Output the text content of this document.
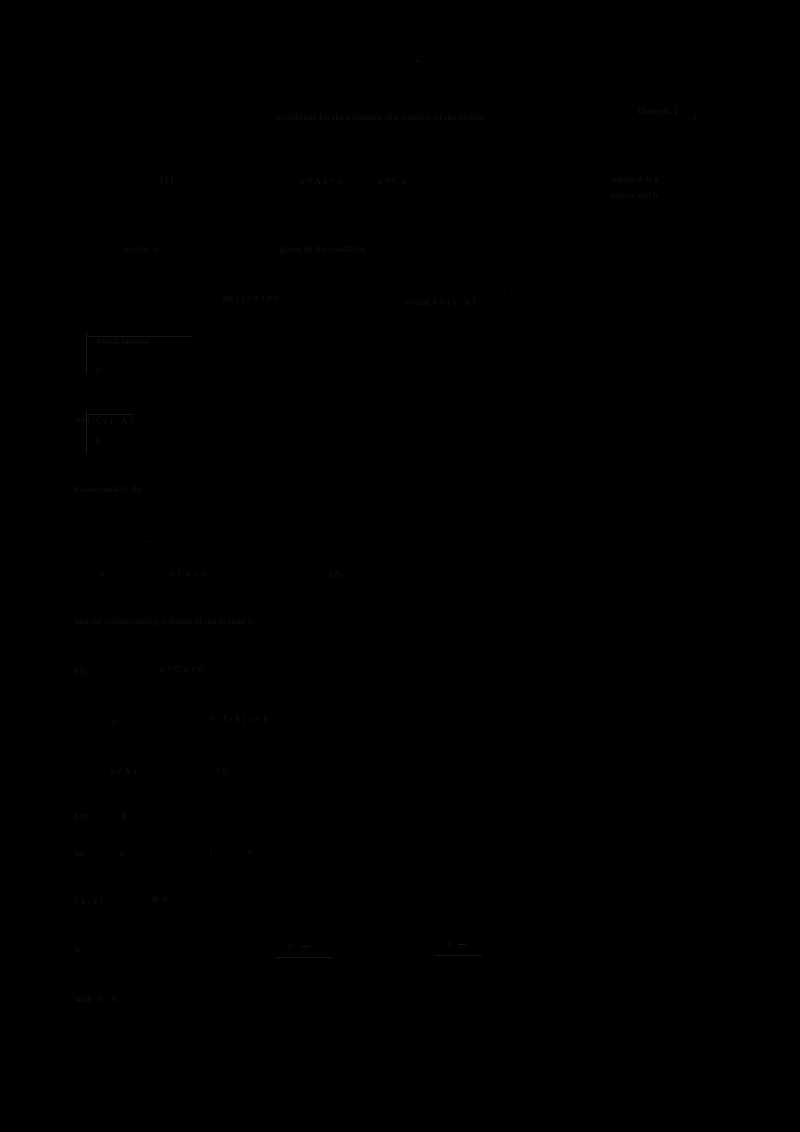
*
conditions for the existence of a solution of the system
Theorem 2
.1
(1)	x = A x + b ,	y = C x	where A is a
matrix and b
vector, is	given by the condition
det ( I - A ) ≠ 0 ,	so that x = ( I - A )
-1
which implies
y =
and C ( I - A )
b .
Consequently, the
—
x	= C x + d ,	(2)
and the corresponding solution of the system is
(3)	y = C x + d
y	= ( I - A ) x + b
x = A x	+ b .
Let	A
be	a	|	n
( x , y )	∈ R
n	1 - a $\frac{1}{n}$	1 - b $\frac{1}{n}$
with  α > 0 .
